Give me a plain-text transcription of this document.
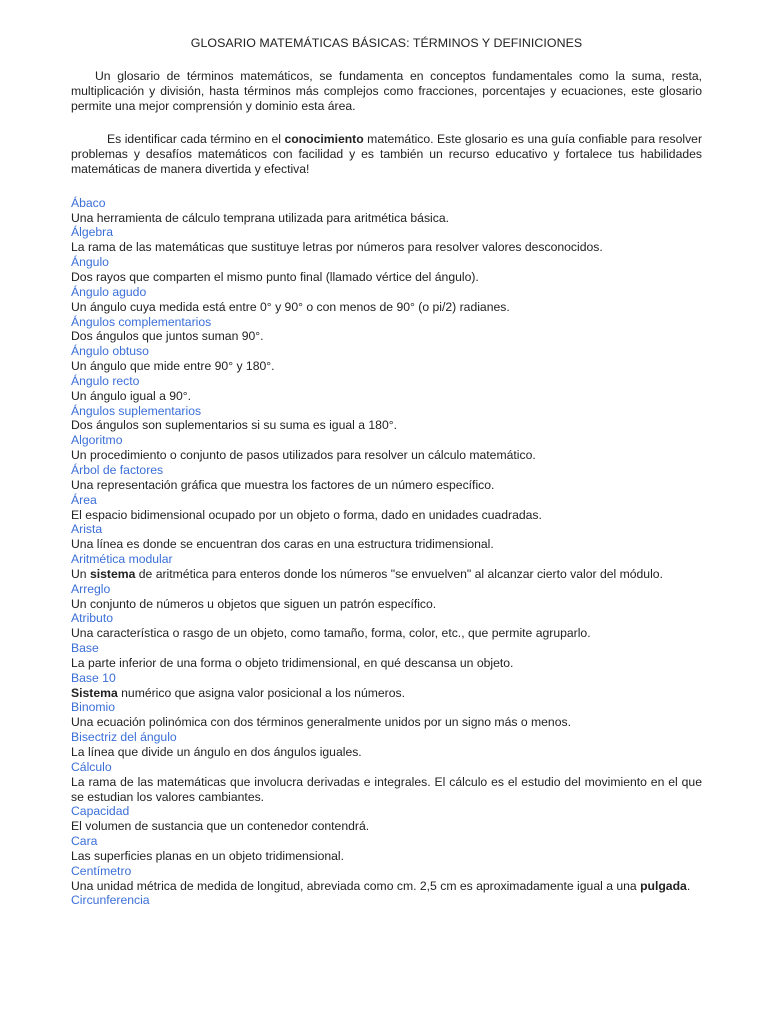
GLOSARIO MATEMÁTICAS BÁSICAS: TÉRMINOS Y DEFINICIONES
Un glosario de términos matemáticos, se fundamenta en conceptos fundamentales como la suma, resta, multiplicación y división, hasta términos más complejos como fracciones, porcentajes y ecuaciones, este glosario permite una mejor comprensión y dominio esta área.
Es identificar cada término en el conocimiento matemático. Este glosario es una guía confiable para resolver problemas y desafíos matemáticos con facilidad y es también un recurso educativo y fortalece tus habilidades matemáticas de manera divertida y efectiva!
Ábaco
Una herramienta de cálculo temprana utilizada para aritmética básica.
Álgebra
La rama de las matemáticas que sustituye letras por números para resolver valores desconocidos.
Ángulo
Dos rayos que comparten el mismo punto final (llamado vértice del ángulo).
Ángulo agudo
Un ángulo cuya medida está entre 0° y 90° o con menos de 90° (o pi/2) radianes.
Ángulos complementarios
Dos ángulos que juntos suman 90°.
Ángulo obtuso
Un ángulo que mide entre 90° y 180°.
Ángulo recto
Un ángulo igual a 90°.
Ángulos suplementarios
Dos ángulos son suplementarios si su suma es igual a 180°.
Algoritmo
Un procedimiento o conjunto de pasos utilizados para resolver un cálculo matemático.
Árbol de factores
Una representación gráfica que muestra los factores de un número específico.
Área
El espacio bidimensional ocupado por un objeto o forma, dado en unidades cuadradas.
Arista
Una línea es donde se encuentran dos caras en una estructura tridimensional.
Aritmética modular
Un sistema de aritmética para enteros donde los números "se envuelven" al alcanzar cierto valor del módulo.
Arreglo
Un conjunto de números u objetos que siguen un patrón específico.
Atributo
Una característica o rasgo de un objeto, como tamaño, forma, color, etc., que permite agruparlo.
Base
La parte inferior de una forma o objeto tridimensional, en qué descansa un objeto.
Base 10
Sistema numérico que asigna valor posicional a los números.
Binomio
Una ecuación polinómica con dos términos generalmente unidos por un signo más o menos.
Bisectriz del ángulo
La línea que divide un ángulo en dos ángulos iguales.
Cálculo
La rama de las matemáticas que involucra derivadas e integrales. El cálculo es el estudio del movimiento en el que se estudian los valores cambiantes.
Capacidad
El volumen de sustancia que un contenedor contendrá.
Cara
Las superficies planas en un objeto tridimensional.
Centímetro
Una unidad métrica de medida de longitud, abreviada como cm. 2,5 cm es aproximadamente igual a una pulgada.
Circunferencia
